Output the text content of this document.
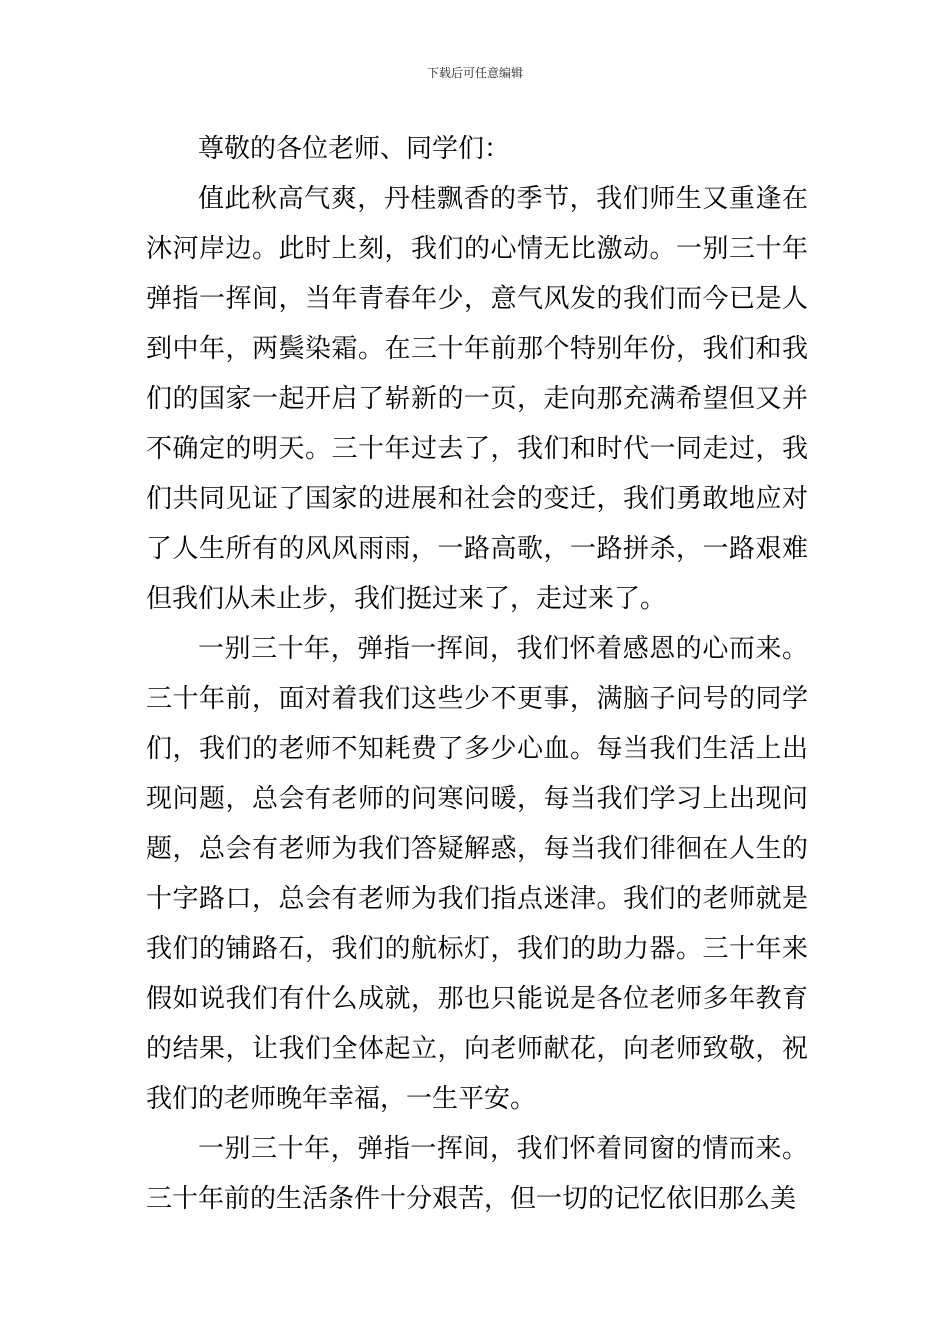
下载后可任意编辑

尊敬的各位老师、同学们：

值此秋高气爽，丹桂飘香的季节，我们师生又重逢在沐河岸边。此时上刻，我们的心情无比激动。一别三十年弹指一挥间，当年青春年少，意气风发的我们而今已是人到中年，两鬓染霜。在三十年前那个特别年份，我们和我们的国家一起开启了崭新的一页，走向那充满希望但又并不确定的明天。三十年过去了，我们和时代一同走过，我们共同见证了国家的进展和社会的变迁，我们勇敢地应对了人生所有的风风雨雨，一路高歌，一路拼杀，一路艰难但我们从未止步，我们挺过来了，走过来了。

一别三十年，弹指一挥间，我们怀着感恩的心而来。三十年前，面对着我们这些少不更事，满脑子问号的同学们，我们的老师不知耗费了多少心血。每当我们生活上出现问题，总会有老师的问寒问暖，每当我们学习上出现问题，总会有老师为我们答疑解惑，每当我们徘徊在人生的十字路口，总会有老师为我们指点迷津。我们的老师就是我们的铺路石，我们的航标灯，我们的助力器。三十年来假如说我们有什么成就，那也只能说是各位老师多年教育的结果，让我们全体起立，向老师献花，向老师致敬，祝我们的老师晚年幸福，一生平安。

一别三十年，弹指一挥间，我们怀着同窗的情而来。三十年前的生活条件十分艰苦，但一切的记忆依旧那么美
